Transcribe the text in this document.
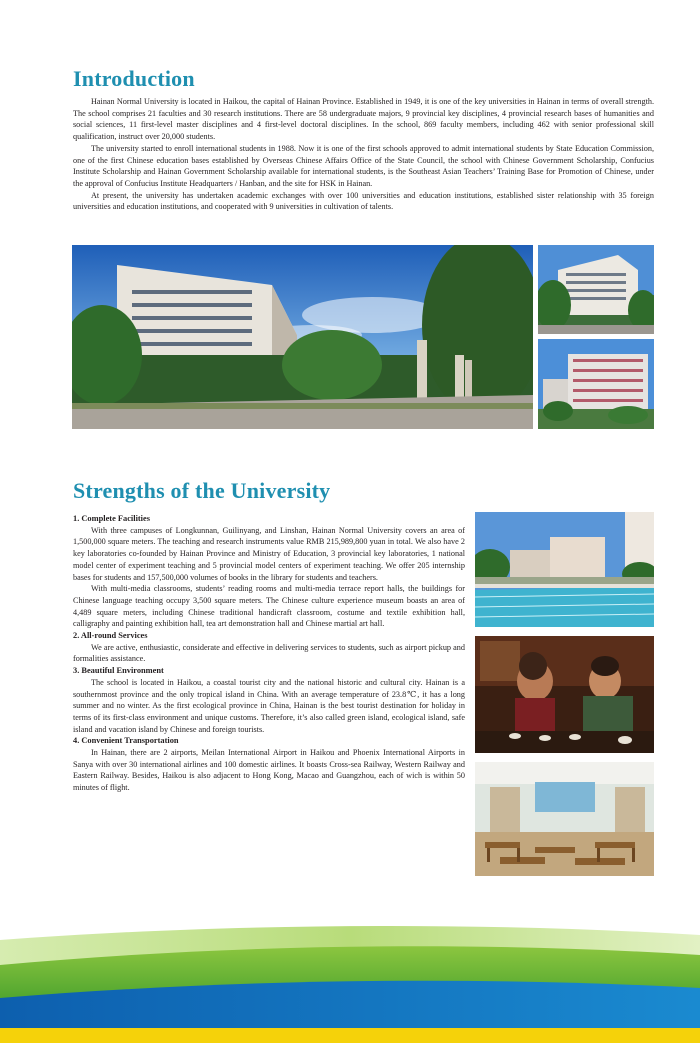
Introduction

Hainan Normal University is located in Haikou, the capital of Hainan Province. Established in 1949, it is one of the key universities in Hainan in terms of overall strength. The school comprises 21 faculties and 30 research institutions. There are 58 undergraduate majors, 9 provincial key disciplines, 4 provincial research bases of humanities and social sciences, 11 first-level master disciplines and 4 first-level doctoral disciplines. In the school, 869 faculty members, including 462 with senior professional skill qualification, instruct over 20,000 students.

The university started to enroll international students in 1988. Now it is one of the first schools approved to admit international students by State Education Commission, one of the first Chinese education bases established by Overseas Chinese Affairs Office of the State Council, the school with Chinese Government Scholarship, Confucius Institute Scholarship and Hainan Government Scholarship available for international students, is the Southeast Asian Teachers’ Training Base for Promotion of Chinese, under the approval of Confucius Institute Headquarters / Hanban, and the site for HSK in Hainan.

At present, the university has undertaken academic exchanges with over 100 universities and education institutions, established sister relationship with 35 foreign universities and education institutions, and cooperated with 9 universities in cultivation of talents.

Strengths of the University
1. Complete Facilities

With three campuses of Longkunnan, Guilinyang, and Linshan, Hainan Normal University covers an area of 1,500,000 square meters. The teaching and research instruments value RMB 215,989,800 yuan in total. We also have 2 key laboratories co-founded by Hainan Province and Ministry of Education, 3 provincial key laboratories, 1 national model center of experiment teaching and 5 provincial model centers of experiment teaching. We offer 205 internship bases for students and 157,500,000 volumes of books in the library for students and teachers.

With multi-media classrooms, students’ reading rooms and multi-media terrace report halls, the buildings for Chinese language teaching occupy 3,500 square meters. The Chinese culture experience museum boasts an area of 4,489 square meters, including Chinese traditional handicraft classroom, costume and textile exhibition hall, calligraphy and painting exhibition hall, tea art demonstration hall and Chinese martial art hall.

2. All-round Services

We are active, enthusiastic, considerate and effective in delivering services to students, such as airport pickup and formalities assistance.

3. Beautiful Environment

The school is located in Haikou, a coastal tourist city and the national historic and cultural city. Hainan is a southernmost province and the only tropical island in China. With an average temperature of 23.8℃, it has a long summer and no winter. As the first ecological province in China, Hainan is the best tourist destination for holiday in terms of its first-class environment and unique customs. Therefore, it’s also called green island, ecological island, safe island and vacation island by Chinese and foreign tourists.

4. Convenient Transportation

In Hainan, there are 2 airports, Meilan International Airport in Haikou and Phoenix International Airports in Sanya with over 30 international airlines and 100 domestic airlines. It boasts Cross-sea Railway, Western Railway and Eastern Railway. Besides, Haikou is also adjacent to Hong Kong, Macao and Guangzhou, each of wich is within 50 minutes of flight.
